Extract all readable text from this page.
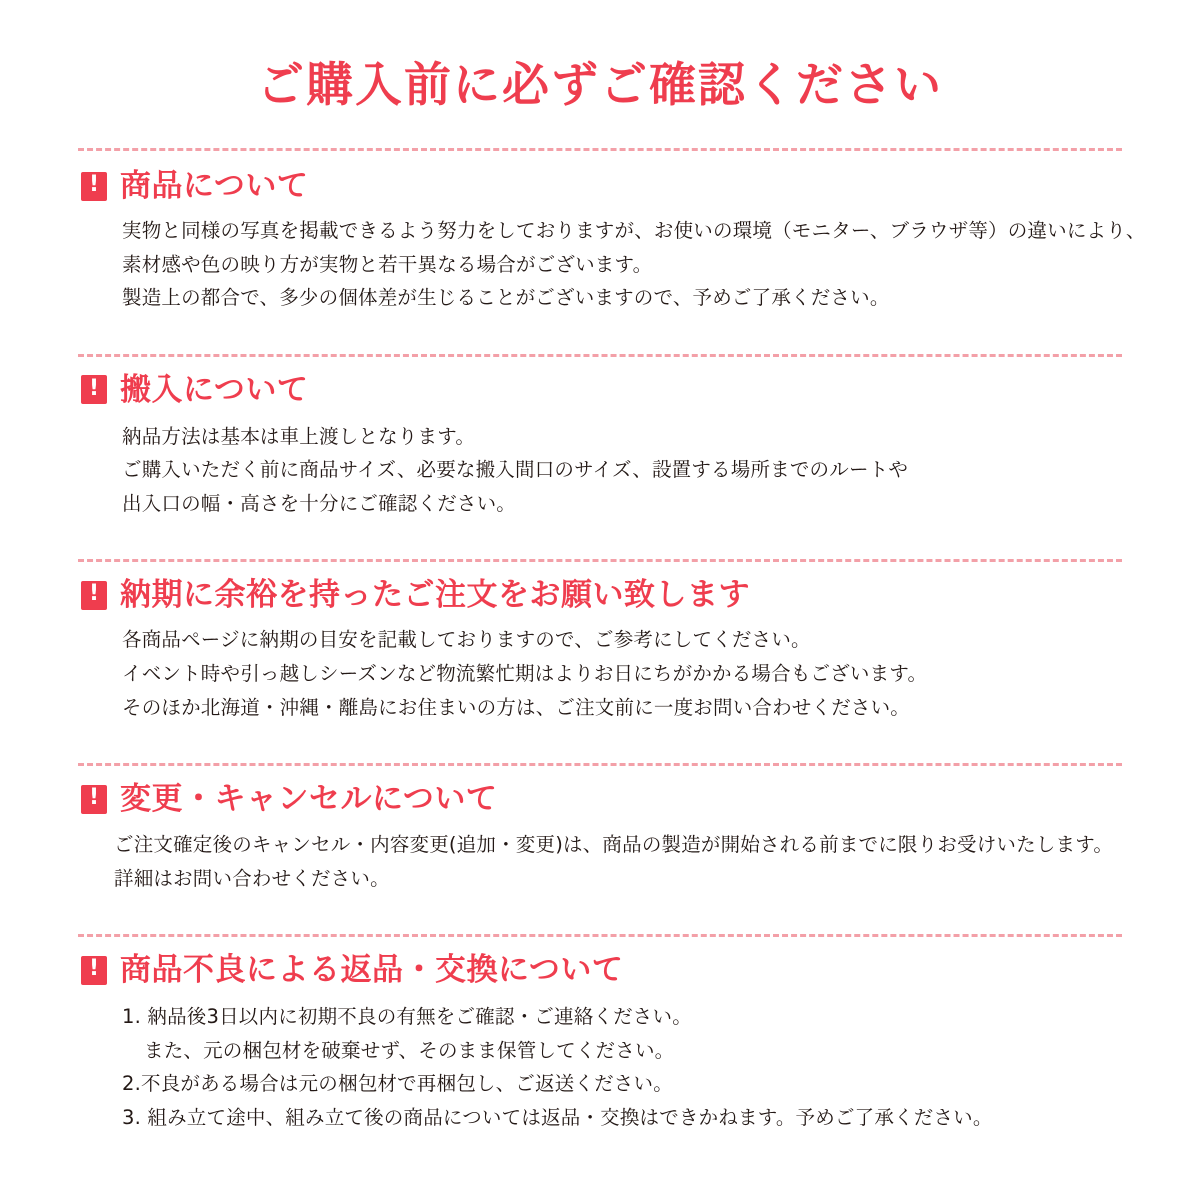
ご購入前に必ずご確認ください
! 商品について
実物と同様の写真を掲載できるよう努力をしておりますが、お使いの環境（モニター、ブラウザ等）の違いにより、
素材感や色の映り方が実物と若干異なる場合がございます。
製造上の都合で、多少の個体差が生じることがございますので、予めご了承ください。
! 搬入について
納品方法は基本は車上渡しとなります。
ご購入いただく前に商品サイズ、必要な搬入間口のサイズ、設置する場所までのルートや
出入口の幅・高さを十分にご確認ください。
! 納期に余裕を持ったご注文をお願い致します
各商品ページに納期の目安を記載しておりますので、ご参考にしてください。
イベント時や引っ越しシーズンなど物流繁忙期はよりお日にちがかかる場合もございます。
そのほか北海道・沖縄・離島にお住まいの方は、ご注文前に一度お問い合わせください。
! 変更・キャンセルについて
ご注文確定後のキャンセル・内容変更(追加・変更)は、商品の製造が開始される前までに限りお受けいたします。
詳細はお問い合わせください。
! 商品不良による返品・交換について
1. 納品後3日以内に初期不良の有無をご確認・ご連絡ください。
また、元の梱包材を破棄せず、そのまま保管してください。
2.不良がある場合は元の梱包材で再梱包し、ご返送ください。
3. 組み立て途中、組み立て後の商品については返品・交換はできかねます。予めご了承ください。
